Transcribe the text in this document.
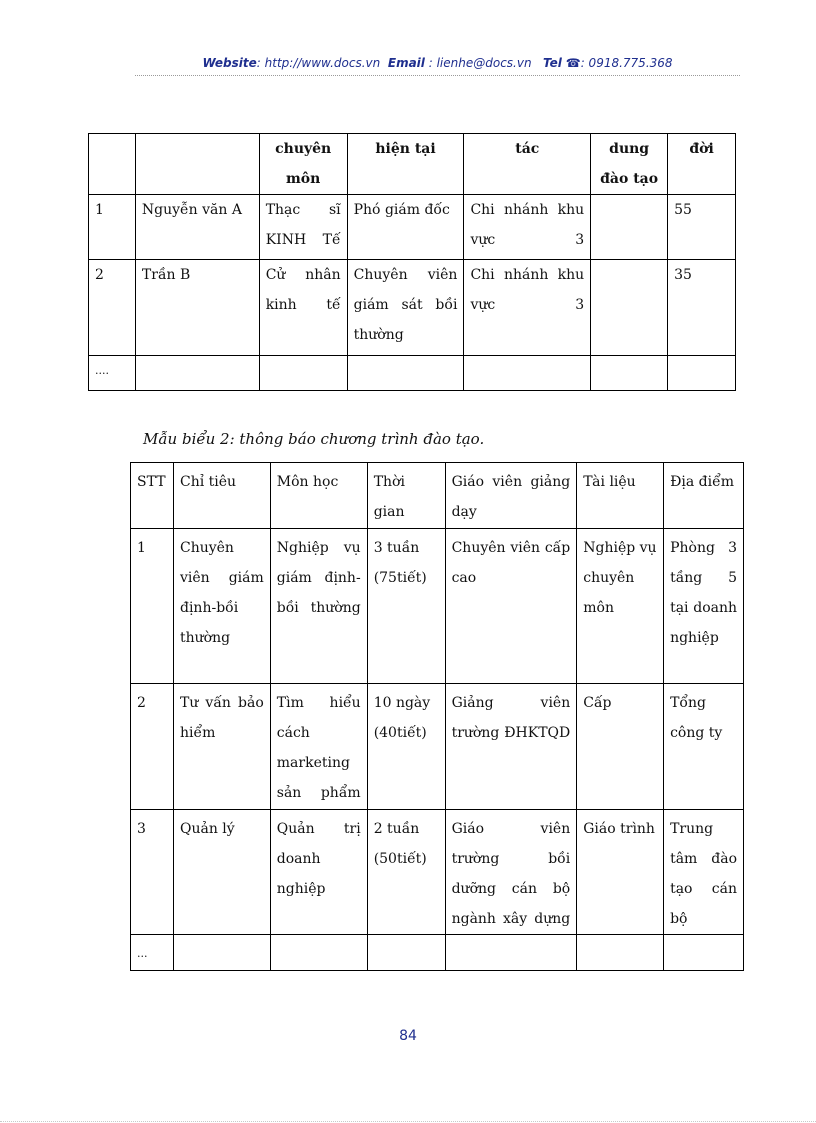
Website: http://www.docs.vn Email : lienhe@docs.vn Tel ☎: 0918.775.368
		chuyên môn	hiện tại	tác	dung đào tạo	đời
1	Nguyễn văn A	Thạc sĩ KINH Tế	Phó giám đốc	Chi nhánh khu vực 3		55
2	Trần B	Cử nhân kinh tế	Chuyên viên giám sát bồi thường	Chi nhánh khu vực 3		35
....						
Mẫu biểu 2: thông báo chương trình đào tạo.
STT	Chỉ tiêu	Môn học	Thời gian	Giáo viên giảng dạy	Tài liệu	Địa điểm
1	Chuyên viên giám định-bồi thường	Nghiệp vụ giám định-bồi thường	3 tuần (75tiết)	Chuyên viên cấp cao	Nghiệp vụ chuyên môn	Phòng 3 tầng 5 tại doanh nghiệp
2	Tư vấn bảo hiểm	Tìm hiểu cách marketing sản phẩm	10 ngày (40tiết)	Giảng viên trường ĐHKTQD	Cấp	Tổng công ty
3	Quản lý	Quản trị doanh nghiệp	2 tuần (50tiết)	Giáo viên trường bồi dưỡng cán bộ ngành xây dựng	Giáo trình	Trung tâm đào tạo cán bộ
...						
84
